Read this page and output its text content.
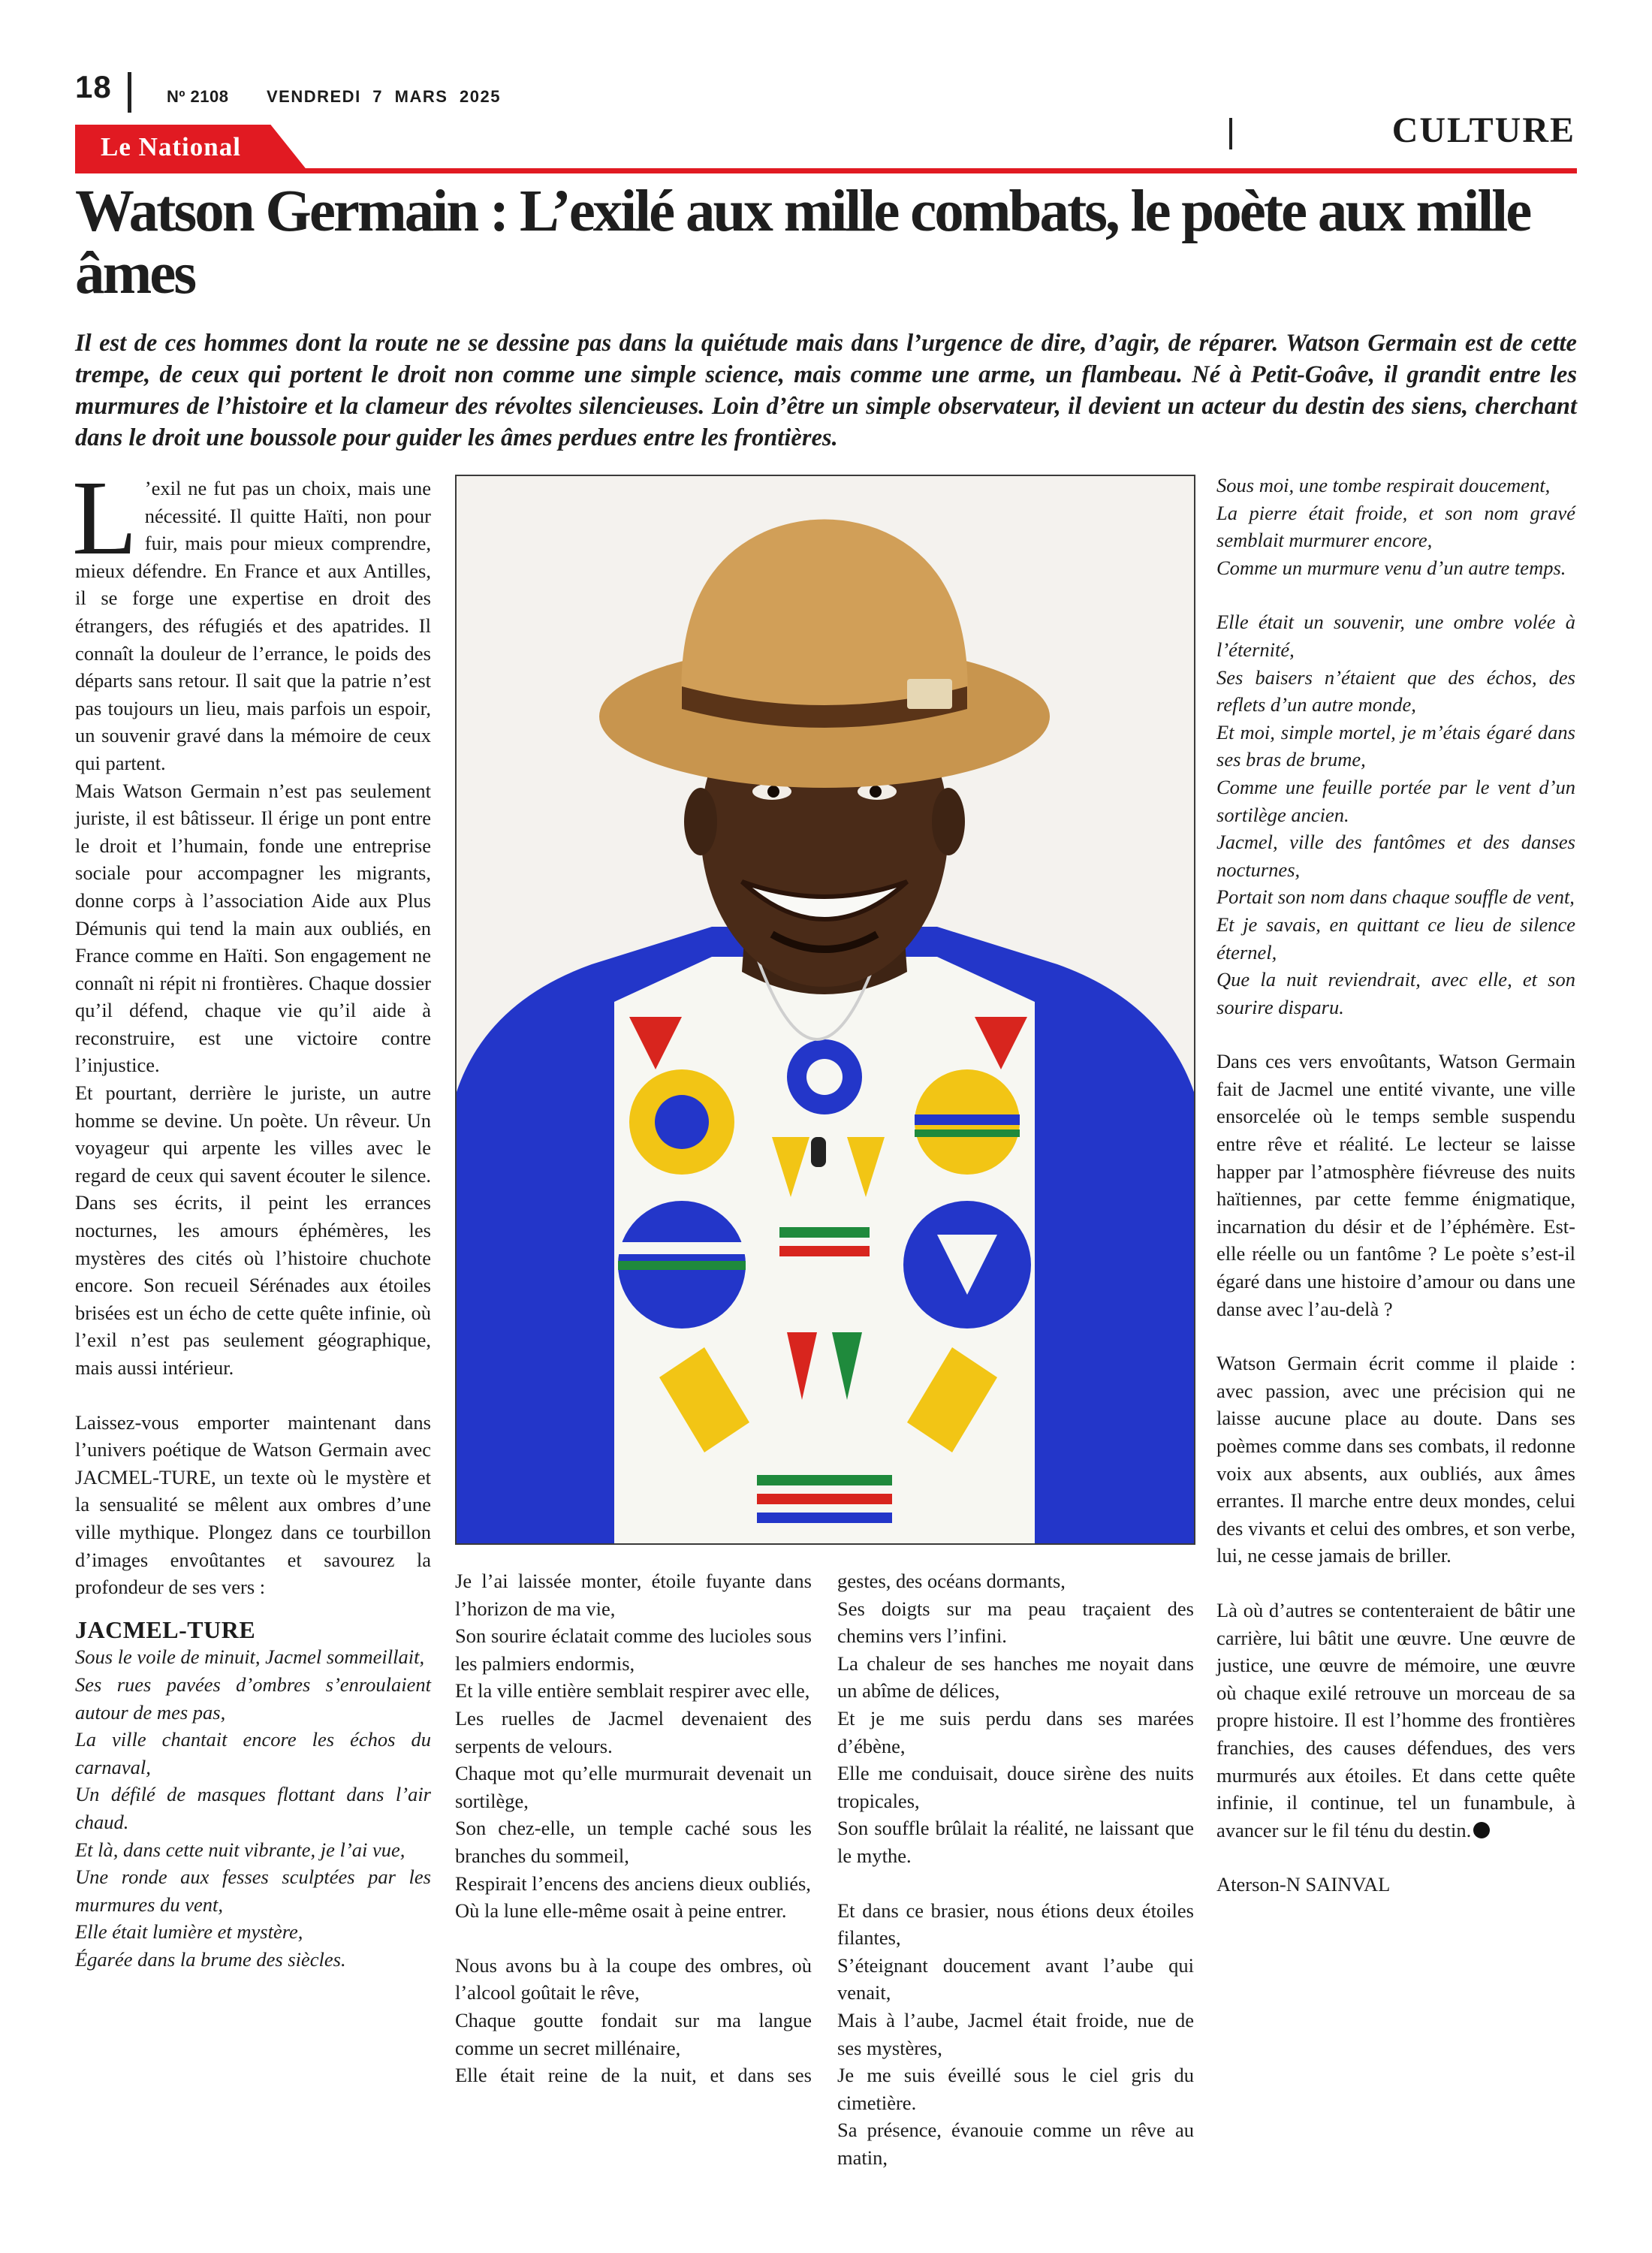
18	Nº 2108 VENDREDI 7 MARS 2025
Le National	CULTURE
Watson Germain : L’exilé aux mille combats, le poète aux mille âmes

Il est de ces hommes dont la route ne se dessine pas dans la quiétude mais dans l’urgence de dire, d’agir, de réparer. Watson Germain est de cette trempe, de ceux qui portent le droit non comme une simple science, mais comme une arme, un flambeau. Né à Petit-Goâve, il grandit entre les murmures de l’histoire et la clameur des révoltes silencieuses. Loin d’être un simple observateur, il devient un acteur du destin des siens, cherchant dans le droit une boussole pour guider les âmes perdues entre les frontières.

L ’exil ne fut pas un choix, mais une nécessité. Il quitte Haïti, non pour fuir, mais pour mieux comprendre, mieux défendre. En France et aux Antilles, il se forge une expertise en droit des étrangers, des réfugiés et des apatrides. Il connaît la douleur de l’errance, le poids des départs sans retour. Il sait que la patrie n’est pas toujours un lieu, mais parfois un espoir, un souvenir gravé dans la mémoire de ceux qui partent.

Mais Watson Germain n’est pas seulement juriste, il est bâtisseur. Il érige un pont entre le droit et l’humain, fonde une entreprise sociale pour accompagner les migrants, donne corps à l’association Aide aux Plus Démunis qui tend la main aux oubliés, en France comme en Haïti. Son engagement ne connaît ni répit ni frontières. Chaque dossier qu’il défend, chaque vie qu’il aide à reconstruire, est une victoire contre l’injustice.

Et pourtant, derrière le juriste, un autre homme se devine. Un poète. Un rêveur. Un voyageur qui arpente les villes avec le regard de ceux qui savent écouter le silence. Dans ses écrits, il peint les errances nocturnes, les amours éphémères, les mystères des cités où l’histoire chuchote encore. Son recueil Sérénades aux étoiles brisées est un écho de cette quête infinie, où l’exil n’est pas seulement géographique, mais aussi intérieur.

Laissez-vous emporter maintenant dans l’univers poétique de Watson Germain avec JACMEL-TURE, un texte où le mystère et la sensualité se mêlent aux ombres d’une ville mythique. Plongez dans ce tourbillon d’images envoûtantes et savourez la profondeur de ses vers :

JACMEL-TURE

Sous le voile de minuit, Jacmel sommeillait,

Ses rues pavées d’ombres s’enroulaient autour de mes pas,

La ville chantait encore les échos du carnaval,

Un défilé de masques flottant dans l’air chaud.

Et là, dans cette nuit vibrante, je l’ai vue,

Une ronde aux fesses sculptées par les murmures du vent,

Elle était lumière et mystère,

Égarée dans la brume des siècles.

Je l’ai laissée monter, étoile fuyante dans l’horizon de ma vie,

Son sourire éclatait comme des lucioles sous les palmiers endormis,

Et la ville entière semblait respirer avec elle,

Les ruelles de Jacmel devenaient des serpents de velours.

Chaque mot qu’elle murmurait devenait un sortilège,

Son chez-elle, un temple caché sous les branches du sommeil,

Respirait l’encens des anciens dieux oubliés,

Où la lune elle-même osait à peine entrer.

Nous avons bu à la coupe des ombres, où l’alcool goûtait le rêve,

Chaque goutte fondait sur ma langue comme un secret millénaire,

Elle était reine de la nuit, et dans ses

gestes, des océans dormants,

Ses doigts sur ma peau traçaient des chemins vers l’infini.

La chaleur de ses hanches me noyait dans un abîme de délices,

Et je me suis perdu dans ses marées d’ébène,

Elle me conduisait, douce sirène des nuits tropicales,

Son souffle brûlait la réalité, ne laissant que le mythe.

Et dans ce brasier, nous étions deux étoiles filantes,

S’éteignant doucement avant l’aube qui venait,

Mais à l’aube, Jacmel était froide, nue de ses mystères,

Je me suis éveillé sous le ciel gris du cimetière.

Sa présence, évanouie comme un rêve au matin,

Sous moi, une tombe respirait doucement,

La pierre était froide, et son nom gravé semblait murmurer encore,

Comme un murmure venu d’un autre temps.

Elle était un souvenir, une ombre volée à l’éternité,

Ses baisers n’étaient que des échos, des reflets d’un autre monde,

Et moi, simple mortel, je m’étais égaré dans ses bras de brume,

Comme une feuille portée par le vent d’un sortilège ancien.

Jacmel, ville des fantômes et des danses nocturnes,

Portait son nom dans chaque souffle de vent,

Et je savais, en quittant ce lieu de silence éternel,

Que la nuit reviendrait, avec elle, et son sourire disparu.

Dans ces vers envoûtants, Watson Germain fait de Jacmel une entité vivante, une ville ensorcelée où le temps semble suspendu entre rêve et réalité. Le lecteur se laisse happer par l’atmosphère fiévreuse des nuits haïtiennes, par cette femme énigmatique, incarnation du désir et de l’éphémère. Est-elle réelle ou un fantôme ? Le poète s’est-il égaré dans une histoire d’amour ou dans une danse avec l’au-delà ?

Watson Germain écrit comme il plaide : avec passion, avec une précision qui ne laisse aucune place au doute. Dans ses poèmes comme dans ses combats, il redonne voix aux absents, aux oubliés, aux âmes errantes. Il marche entre deux mondes, celui des vivants et celui des ombres, et son verbe, lui, ne cesse jamais de briller.

Là où d’autres se contenteraient de bâtir une carrière, lui bâtit une œuvre. Une œuvre de justice, une œuvre de mémoire, une œuvre où chaque exilé retrouve un morceau de sa propre histoire. Il est l’homme des frontières franchies, des causes défendues, des vers murmurés aux étoiles. Et dans cette quête infinie, il continue, tel un funambule, à avancer sur le fil ténu du destin.

Aterson-N SAINVAL
